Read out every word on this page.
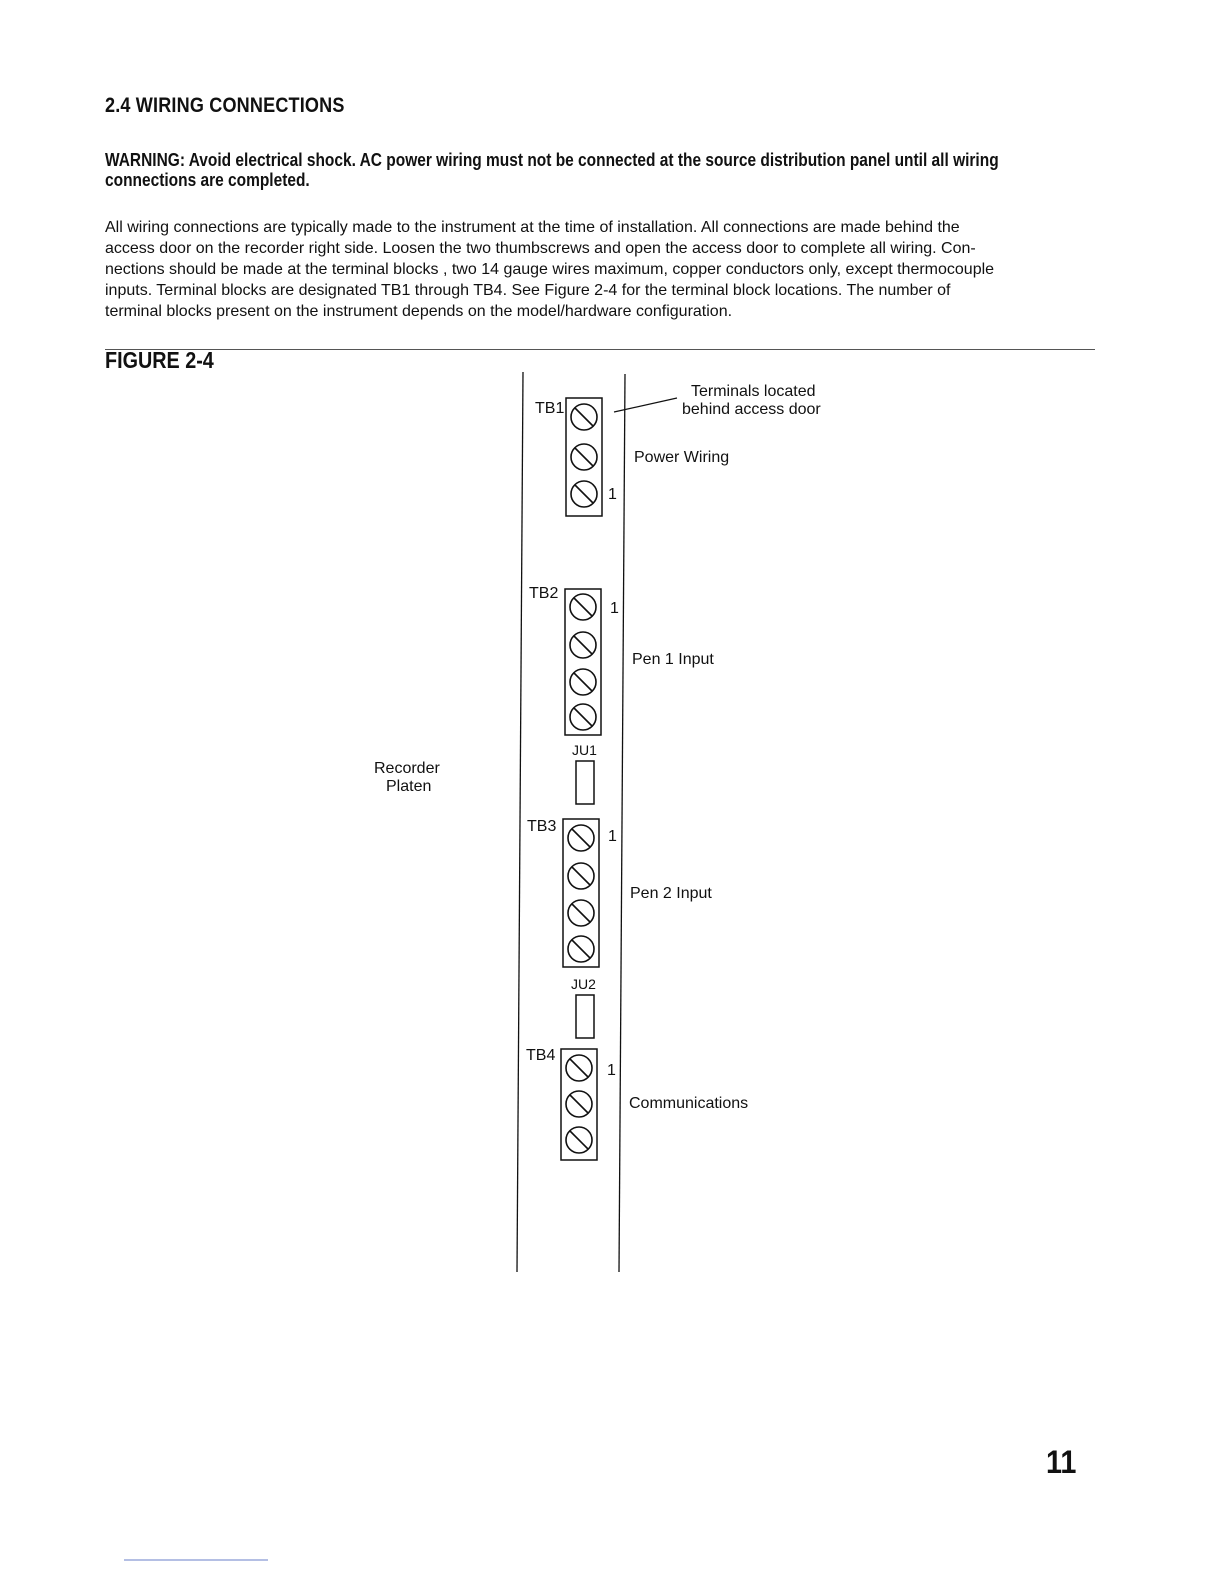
2.4 WIRING CONNECTIONS
WARNING: Avoid electrical shock. AC power wiring must not be connected at the source distribution panel until all wiring
connections are completed.
All wiring connections are typically made to the instrument at the time of installation. All connections are made behind the
access door on the recorder right side. Loosen the two thumbscrews and open the access door to complete all wiring. Con-
nections should be made at the terminal blocks , two 14 gauge wires maximum, copper conductors only, except thermocouple
inputs. Terminal blocks are designated TB1 through TB4. See Figure 2-4 for the terminal block locations. The number of
terminal blocks present on the instrument depends on the model/hardware configuration.
FIGURE 2-4
Terminals located
behind access door
TB1
1
Power Wiring
TB2
1
Pen 1 Input
JU1
Recorder
Platen
TB3
1
Pen 2 Input
JU2
TB4
1
Communications
11
